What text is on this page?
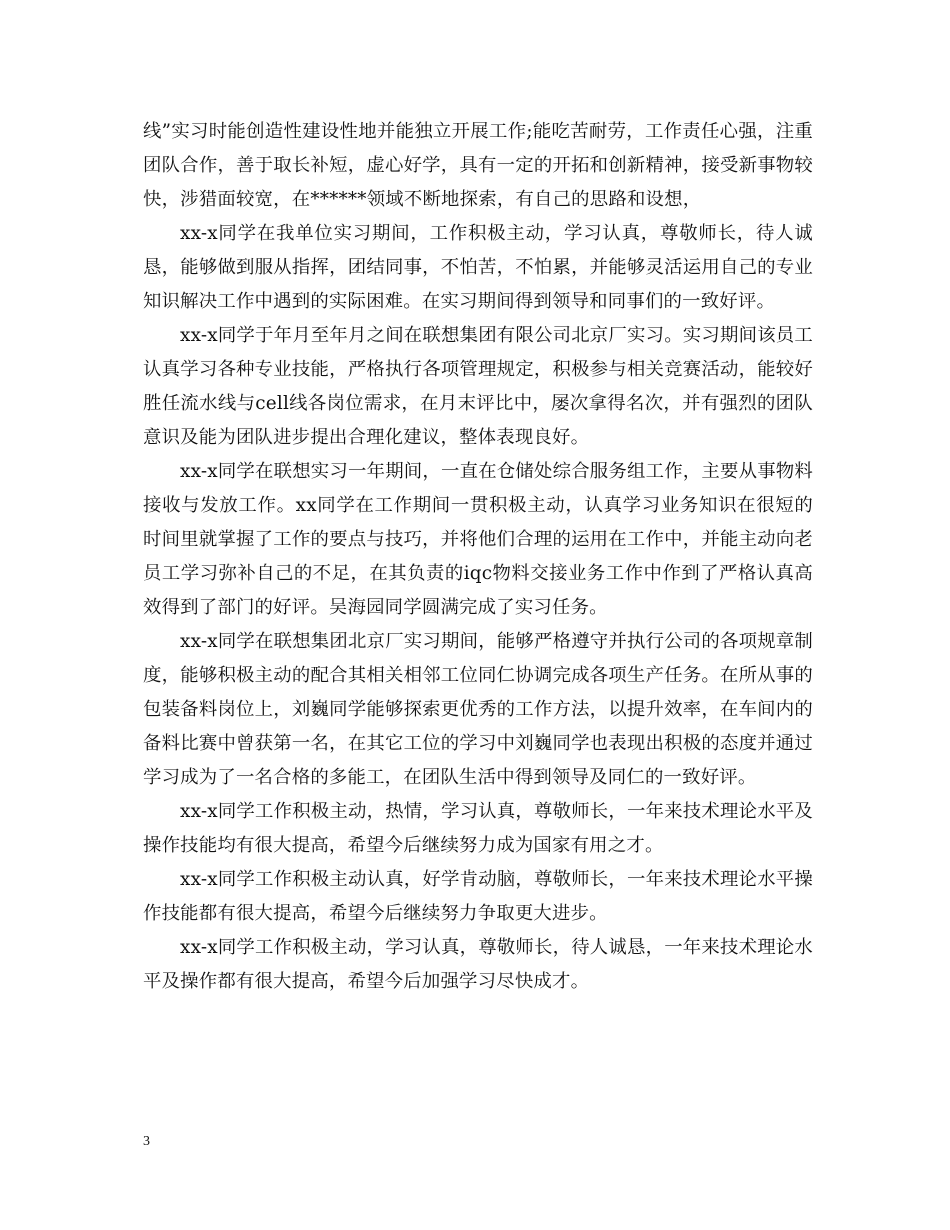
线”实习时能创造性建设性地并能独立开展工作;能吃苦耐劳，工作责任心强，注重团队合作，善于取长补短，虚心好学，具有一定的开拓和创新精神，接受新事物较快，涉猎面较宽，在******领域不断地探索，有自己的思路和设想，

xx-x同学在我单位实习期间，工作积极主动，学习认真，尊敬师长，待人诚恳，能够做到服从指挥，团结同事，不怕苦，不怕累，并能够灵活运用自己的专业知识解决工作中遇到的实际困难。在实习期间得到领导和同事们的一致好评。

xx-x同学于年月至年月之间在联想集团有限公司北京厂实习。实习期间该员工认真学习各种专业技能，严格执行各项管理规定，积极参与相关竞赛活动，能较好胜任流水线与cell线各岗位需求，在月末评比中，屡次拿得名次，并有强烈的团队意识及能为团队进步提出合理化建议，整体表现良好。

xx-x同学在联想实习一年期间，一直在仓储处综合服务组工作，主要从事物料接收与发放工作。xx同学在工作期间一贯积极主动，认真学习业务知识在很短的时间里就掌握了工作的要点与技巧，并将他们合理的运用在工作中，并能主动向老员工学习弥补自己的不足，在其负责的iqc物料交接业务工作中作到了严格认真高效得到了部门的好评。吴海园同学圆满完成了实习任务。

xx-x同学在联想集团北京厂实习期间，能够严格遵守并执行公司的各项规章制度，能够积极主动的配合其相关相邻工位同仁协调完成各项生产任务。在所从事的包装备料岗位上，刘巍同学能够探索更优秀的工作方法，以提升效率，在车间内的备料比赛中曾获第一名，在其它工位的学习中刘巍同学也表现出积极的态度并通过学习成为了一名合格的多能工，在团队生活中得到领导及同仁的一致好评。

xx-x同学工作积极主动，热情，学习认真，尊敬师长，一年来技术理论水平及操作技能均有很大提高，希望今后继续努力成为国家有用之才。

xx-x同学工作积极主动认真，好学肯动脑，尊敬师长，一年来技术理论水平操作技能都有很大提高，希望今后继续努力争取更大进步。

xx-x同学工作积极主动，学习认真，尊敬师长，待人诚恳，一年来技术理论水平及操作都有很大提高，希望今后加强学习尽快成才。

3
